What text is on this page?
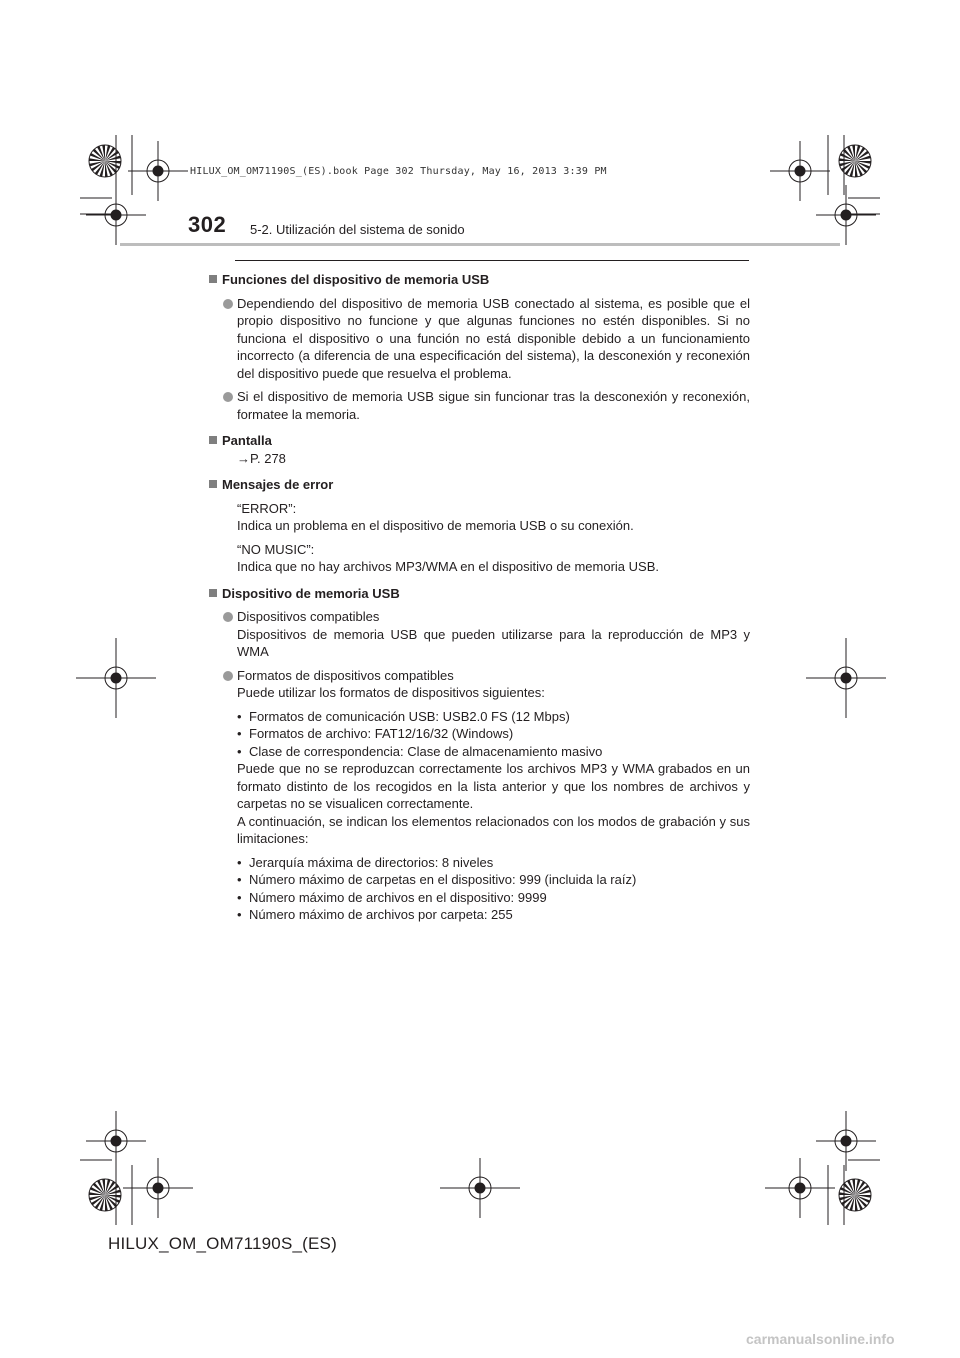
HILUX_OM_OM71190S_(ES).book Page 302 Thursday, May 16, 2013 3:39 PM
302 5-2. Utilización del sistema de sonido
Funciones del dispositivo de memoria USB

Dependiendo del dispositivo de memoria USB conectado al sistema, es posible que el propio dispositivo no funcione y que algunas funciones no estén disponibles. Si no funciona el dispositivo o una función no está disponible debido a un funcionamiento incorrecto (a diferencia de una especificación del sistema), la desconexión y reconexión del dispositivo puede que resuelva el problema.

Si el dispositivo de memoria USB sigue sin funcionar tras la desconexión y reconexión, formatee la memoria.

Pantalla

→P. 278

Mensajes de error

“ERROR”:

Indica un problema en el dispositivo de memoria USB o su conexión.

“NO MUSIC”:

Indica que no hay archivos MP3/WMA en el dispositivo de memoria USB.

Dispositivo de memoria USB

Dispositivos compatibles

Dispositivos de memoria USB que pueden utilizarse para la reproducción de MP3 y WMA

Formatos de dispositivos compatibles

Puede utilizar los formatos de dispositivos siguientes:

• Formatos de comunicación USB: USB2.0 FS (12 Mbps)
• Formatos de archivo: FAT12/16/32 (Windows)
• Clase de correspondencia: Clase de almacenamiento masivo

Puede que no se reproduzcan correctamente los archivos MP3 y WMA grabados en un formato distinto de los recogidos en la lista anterior y que los nombres de archivos y carpetas no se visualicen correctamente.

A continuación, se indican los elementos relacionados con los modos de grabación y sus limitaciones:

• Jerarquía máxima de directorios: 8 niveles
• Número máximo de carpetas en el dispositivo: 999 (incluida la raíz)
• Número máximo de archivos en el dispositivo: 9999
• Número máximo de archivos por carpeta: 255
HILUX_OM_OM71190S_(ES)
carmanualsonline.info
